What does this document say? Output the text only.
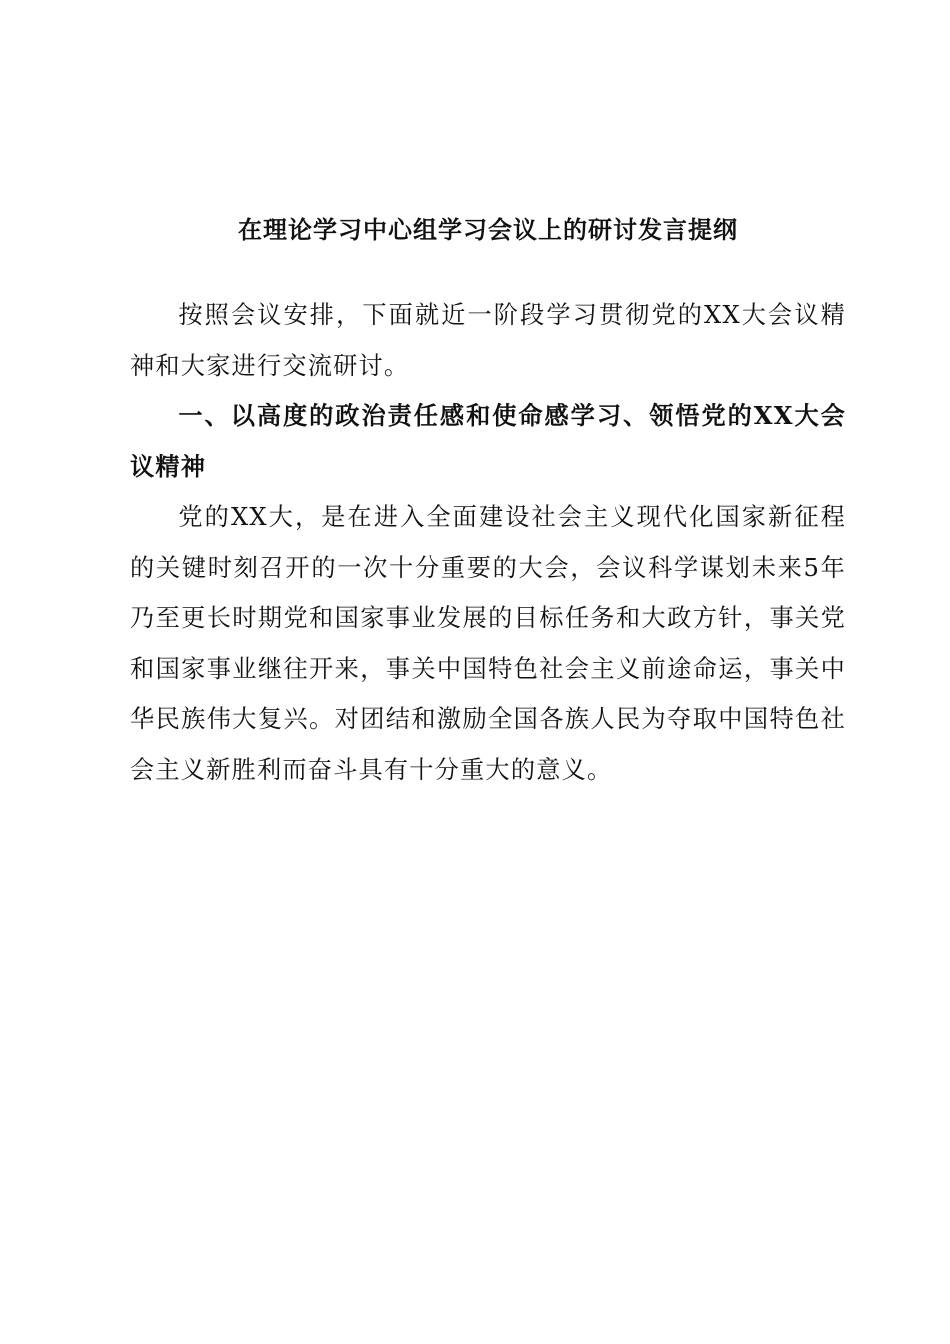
在理论学习中心组学习会议上的研讨发言提纲

按照会议安排，下面就近一阶段学习贯彻党的XX大会议精神和大家进行交流研讨。

一、以高度的政治责任感和使命感学习、领悟党的XX大会议精神

党的XX大，是在进入全面建设社会主义现代化国家新征程的关键时刻召开的一次十分重要的大会，会议科学谋划未来5年乃至更长时期党和国家事业发展的目标任务和大政方针，事关党和国家事业继往开来，事关中国特色社会主义前途命运，事关中华民族伟大复兴。对团结和激励全国各族人民为夺取中国特色社会主义新胜利而奋斗具有十分重大的意义。
